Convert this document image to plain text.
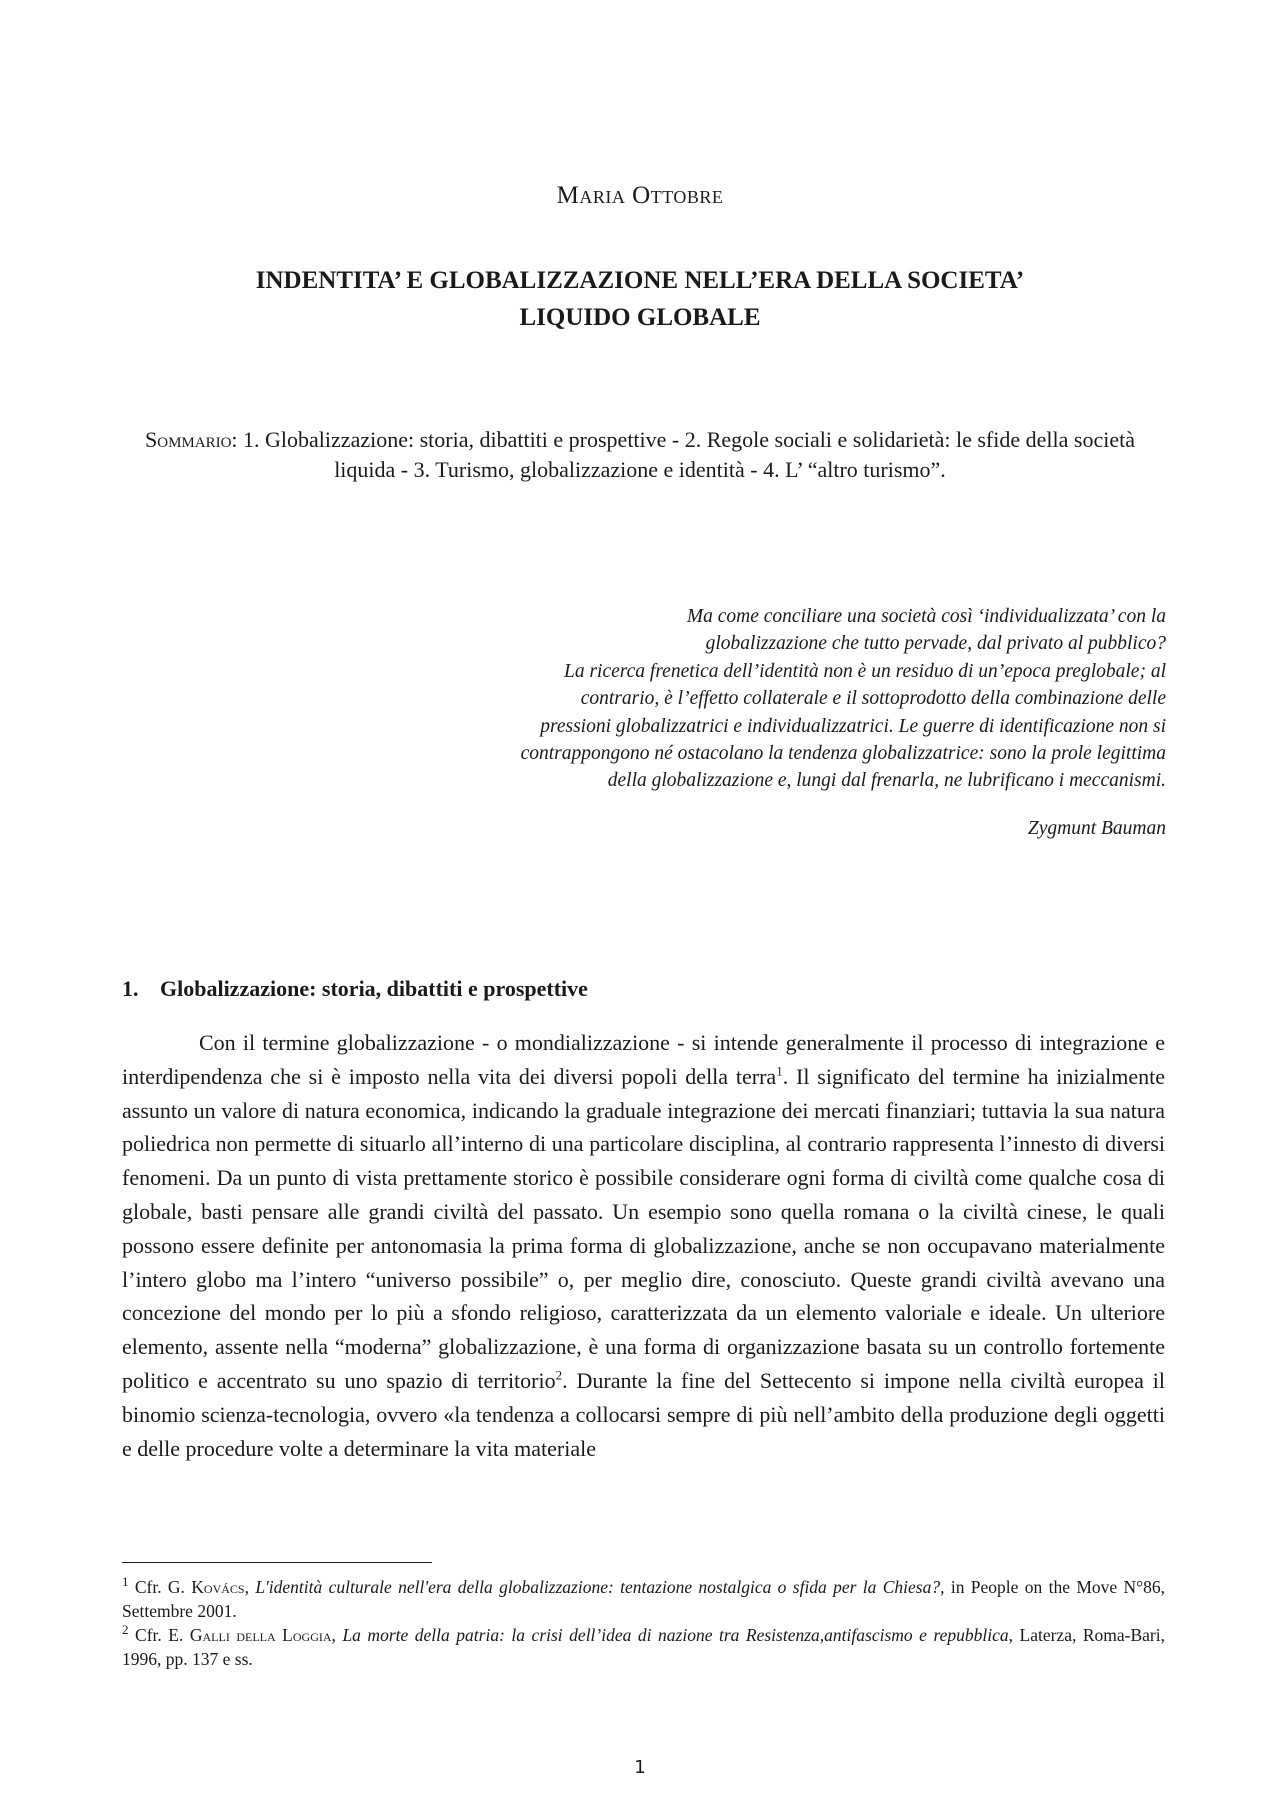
Maria Ottobre
INDENTITA’ E GLOBALIZZAZIONE NELL’ERA DELLA SOCIETA’
LIQUIDO GLOBALE
Sommario: 1. Globalizzazione: storia, dibattiti e prospettive - 2. Regole sociali e solidarietà: le sfide della società liquida - 3. Turismo, globalizzazione e identità - 4. L’ “altro turismo”.

Ma come conciliare una società così ‘individualizzata’ con la

globalizzazione che tutto pervade, dal privato al pubblico?

La ricerca frenetica dell’identità non è un residuo di un’epoca preglobale; al

contrario, è l’effetto collaterale e il sottoprodotto della combinazione delle

pressioni globalizzatrici e individualizzatrici. Le guerre di identificazione non si

contrappongono né ostacolano la tendenza globalizzatrice: sono la prole legittima

della globalizzazione e, lungi dal frenarla, ne lubrificano i meccanismi.

Zygmunt Bauman

1. Globalizzazione: storia, dibattiti e prospettive

Con il termine globalizzazione - o mondializzazione - si intende generalmente il processo di integrazione e interdipendenza che si è imposto nella vita dei diversi popoli della terra$^1$. Il significato del termine ha inizialmente assunto un valore di natura economica, indicando la graduale integrazione dei mercati finanziari; tuttavia la sua natura poliedrica non permette di situarlo all’interno di una particolare disciplina, al contrario rappresenta l’innesto di diversi fenomeni. Da un punto di vista prettamente storico è possibile considerare ogni forma di civiltà come qualche cosa di globale, basti pensare alle grandi civiltà del passato. Un esempio sono quella romana o la civiltà cinese, le quali possono essere definite per antonomasia la prima forma di globalizzazione, anche se non occupavano materialmente l’intero globo ma l’intero “universo possibile” o, per meglio dire, conosciuto. Queste grandi civiltà avevano una concezione del mondo per lo più a sfondo religioso, caratterizzata da un elemento valoriale e ideale. Un ulteriore elemento, assente nella “moderna” globalizzazione, è una forma di organizzazione basata su un controllo fortemente politico e accentrato su uno spazio di territorio$^2$. Durante la fine del Settecento si impone nella civiltà europea il binomio scienza-tecnologia, ovvero «la tendenza a collocarsi sempre di più nell’ambito della produzione degli oggetti e delle procedure volte a determinare la vita materiale

$^1$ Cfr. G. Kovács, L'identità culturale nell'era della globalizzazione: tentazione nostalgica o sfida per la Chiesa?, in People on the Move N°86, Settembre 2001.

$^2$ Cfr. E. Galli della Loggia, La morte della patria: la crisi dell’idea di nazione tra Resistenza,antifascismo e repubblica, Laterza, Roma-Bari, 1996, pp. 137 e ss.

1
